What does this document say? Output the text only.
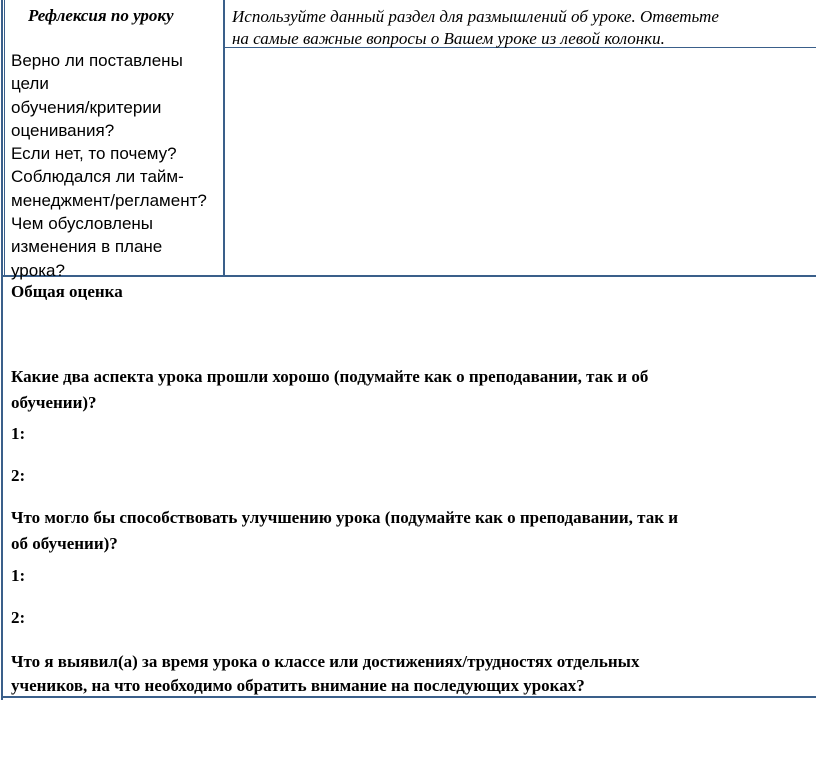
Рефлексия по уроку	Используйте данный раздел для размышлений об уроке. Ответьте
на самые важные вопросы о Вашем уроке из левой колонки.
Верно ли поставлены
цели
обучения/критерии
оценивания?
Если нет, то почему?
Соблюдался ли тайм-
менеджмент/регламент?
Чем обусловлены
изменения в плане
урока?
Общая оценка
Какие два аспекта урока прошли хорошо (подумайте как о преподавании, так и об
обучении)?
1:
2:
Что могло бы способствовать улучшению урока (подумайте как о преподавании, так и
об обучении)?
1:
2:
Что я выявил(а) за время урока о классе или достижениях/трудностях отдельных
учеников, на что необходимо обратить внимание на последующих уроках?
